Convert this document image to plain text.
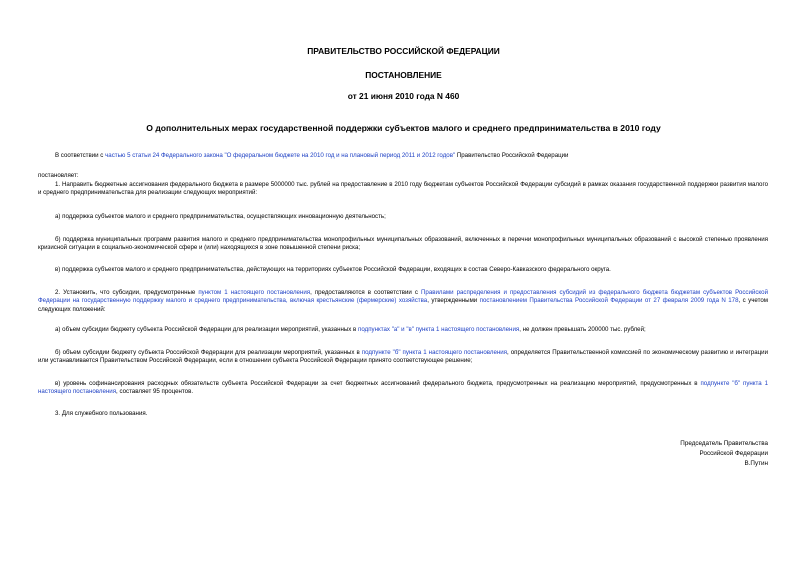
ПРАВИТЕЛЬСТВО РОССИЙСКОЙ ФЕДЕРАЦИИ
ПОСТАНОВЛЕНИЕ
от 21 июня 2010 года N 460
О дополнительных мерах государственной поддержки субъектов малого и среднего предпринимательства в 2010 году
В соответствии с частью 5 статьи 24 Федерального закона "О федеральном бюджете на 2010 год и на плановый период 2011 и 2012 годов" Правительство Российской Федерации
постановляет:
1. Направить бюджетные ассигнования федерального бюджета в размере 5000000 тыс. рублей на предоставление в 2010 году бюджетам субъектов Российской Федерации субсидий в рамках оказания государственной поддержки развития малого и среднего предпринимательства для реализации следующих мероприятий:
а) поддержка субъектов малого и среднего предпринимательства, осуществляющих инновационную деятельность;
б) поддержка муниципальных программ развития малого и среднего предпринимательства монопрофильных муниципальных образований, включенных в перечни монопрофильных муниципальных образований с высокой степенью проявления кризисной ситуации в социально-экономической сфере и (или) находящихся в зоне повышенной степени риска;
в) поддержка субъектов малого и среднего предпринимательства, действующих на территориях субъектов Российской Федерации, входящих в состав Северо-Кавказского федерального округа.
2. Установить, что субсидии, предусмотренные пунктом 1 настоящего постановления, предоставляются в соответствии с Правилами распределения и предоставления субсидий из федерального бюджета бюджетам субъектов Российской Федерации на государственную поддержку малого и среднего предпринимательства, включая крестьянские (фермерские) хозяйства, утвержденными постановлением Правительства Российской Федерации от 27 февраля 2009 года N 178, с учетом следующих положений:
а) объем субсидии бюджету субъекта Российской Федерации для реализации мероприятий, указанных в подпунктах "а" и "в" пункта 1 настоящего постановления, не должен превышать 200000 тыс. рублей;
б) объем субсидии бюджету субъекта Российской Федерации для реализации мероприятий, указанных в подпункте "б" пункта 1 настоящего постановления, определяется Правительственной комиссией по экономическому развитию и интеграции или устанавливается Правительством Российской Федерации, если в отношении субъекта Российской Федерации принято соответствующее решение;
в) уровень софинансирования расходных обязательств субъекта Российской Федерации за счет бюджетных ассигнований федерального бюджета, предусмотренных на реализацию мероприятий, предусмотренных в подпункте "б" пункта 1 настоящего постановления, составляет 95 процентов.
3. Для служебного пользования.
Председатель Правительства
Российской Федерации
В.Путин
